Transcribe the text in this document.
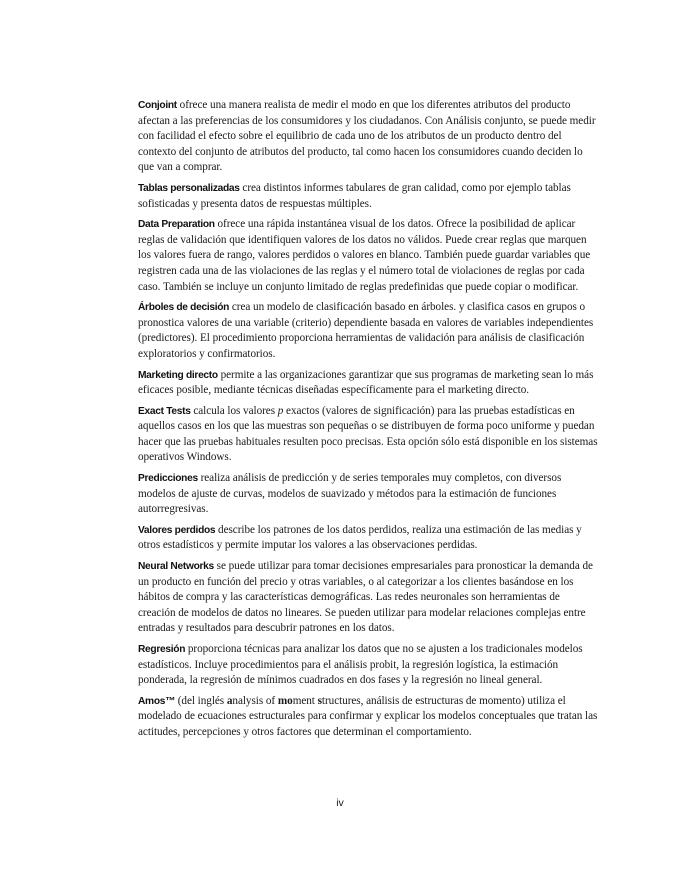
Conjoint ofrece una manera realista de medir el modo en que los diferentes atributos del producto afectan a las preferencias de los consumidores y los ciudadanos. Con Análisis conjunto, se puede medir con facilidad el efecto sobre el equilibrio de cada uno de los atributos de un producto dentro del contexto del conjunto de atributos del producto, tal como hacen los consumidores cuando deciden lo que van a comprar.

Tablas personalizadas crea distintos informes tabulares de gran calidad, como por ejemplo tablas sofisticadas y presenta datos de respuestas múltiples.

Data Preparation ofrece una rápida instantánea visual de los datos. Ofrece la posibilidad de aplicar reglas de validación que identifiquen valores de los datos no válidos. Puede crear reglas que marquen los valores fuera de rango, valores perdidos o valores en blanco. También puede guardar variables que registren cada una de las violaciones de las reglas y el número total de violaciones de reglas por cada caso. También se incluye un conjunto limitado de reglas predefinidas que puede copiar o modificar.

Árboles de decisión crea un modelo de clasificación basado en árboles. y clasifica casos en grupos o pronostica valores de una variable (criterio) dependiente basada en valores de variables independientes (predictores). El procedimiento proporciona herramientas de validación para análisis de clasificación exploratorios y confirmatorios.

Marketing directo permite a las organizaciones garantizar que sus programas de marketing sean lo más eficaces posible, mediante técnicas diseñadas específicamente para el marketing directo.

Exact Tests calcula los valores p exactos (valores de significación) para las pruebas estadísticas en aquellos casos en los que las muestras son pequeñas o se distribuyen de forma poco uniforme y puedan hacer que las pruebas habituales resulten poco precisas. Esta opción sólo está disponible en los sistemas operativos Windows.

Predicciones realiza análisis de predicción y de series temporales muy completos, con diversos modelos de ajuste de curvas, modelos de suavizado y métodos para la estimación de funciones autorregresivas.

Valores perdidos describe los patrones de los datos perdidos, realiza una estimación de las medias y otros estadísticos y permite imputar los valores a las observaciones perdidas.

Neural Networks se puede utilizar para tomar decisiones empresariales para pronosticar la demanda de un producto en función del precio y otras variables, o al categorizar a los clientes basándose en los hábitos de compra y las características demográficas. Las redes neuronales son herramientas de creación de modelos de datos no lineares. Se pueden utilizar para modelar relaciones complejas entre entradas y resultados para descubrir patrones en los datos.

Regresión proporciona técnicas para analizar los datos que no se ajusten a los tradicionales modelos estadísticos. Incluye procedimientos para el análisis probit, la regresión logística, la estimación ponderada, la regresión de mínimos cuadrados en dos fases y la regresión no lineal general.

Amos™ (del inglés analysis of moment structures, análisis de estructuras de momento) utiliza el modelado de ecuaciones estructurales para confirmar y explicar los modelos conceptuales que tratan las actitudes, percepciones y otros factores que determinan el comportamiento.

iv
